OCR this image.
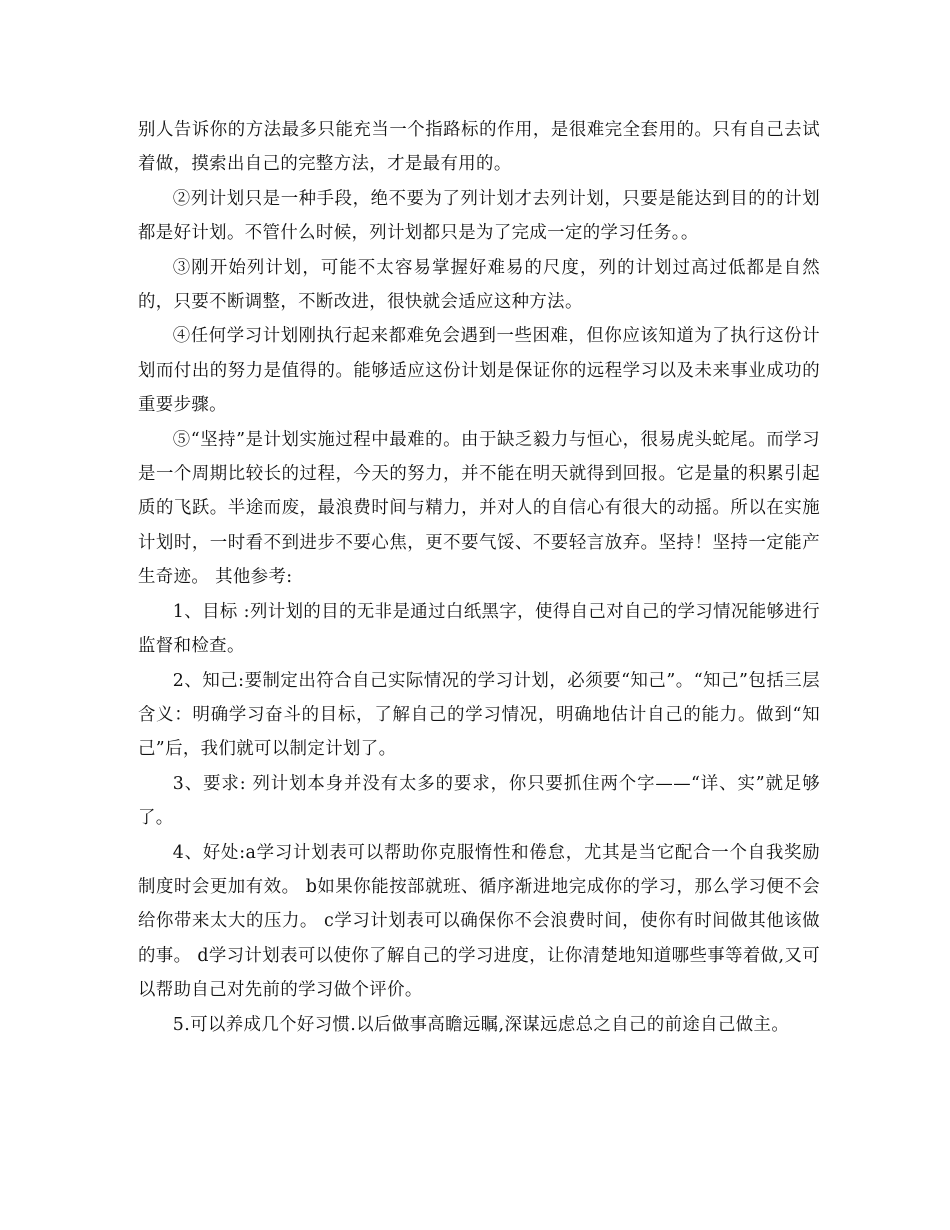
别人告诉你的方法最多只能充当一个指路标的作用，是很难完全套用的。只有自己去试着做，摸索出自己的完整方法，才是最有用的。

②列计划只是一种手段，绝不要为了列计划才去列计划，只要是能达到目的的计划都是好计划。不管什么时候，列计划都只是为了完成一定的学习任务。。

③刚开始列计划，可能不太容易掌握好难易的尺度，列的计划过高过低都是自然的，只要不断调整，不断改进，很快就会适应这种方法。

④任何学习计划刚执行起来都难免会遇到一些困难，但你应该知道为了执行这份计划而付出的努力是值得的。能够适应这份计划是保证你的远程学习以及未来事业成功的重要步骤。

⑤“坚持”是计划实施过程中最难的。由于缺乏毅力与恒心，很易虎头蛇尾。而学习是一个周期比较长的过程，今天的努力，并不能在明天就得到回报。它是量的积累引起质的飞跃。半途而废，最浪费时间与精力，并对人的自信心有很大的动摇。所以在实施计划时，一时看不到进步不要心焦，更不要气馁、不要轻言放弃。坚持！坚持一定能产生奇迹。 其他参考:

1、目标 :列计划的目的无非是通过白纸黑字，使得自己对自己的学习情况能够进行监督和检查。

2、知己:要制定出符合自己实际情况的学习计划，必须要“知己”。“知己”包括三层含义：明确学习奋斗的目标，了解自己的学习情况，明确地估计自己的能力。做到“知己”后，我们就可以制定计划了。

3、要求: 列计划本身并没有太多的要求，你只要抓住两个字——“详、实”就足够了。

4、好处:a学习计划表可以帮助你克服惰性和倦怠，尤其是当它配合一个自我奖励制度时会更加有效。 b如果你能按部就班、循序渐进地完成你的学习，那么学习便不会给你带来太大的压力。 c学习计划表可以确保你不会浪费时间，使你有时间做其他该做的事。 d学习计划表可以使你了解自己的学习进度，让你清楚地知道哪些事等着做,又可以帮助自己对先前的学习做个评价。

5.可以养成几个好习惯.以后做事高瞻远瞩,深谋远虑总之自己的前途自己做主。
